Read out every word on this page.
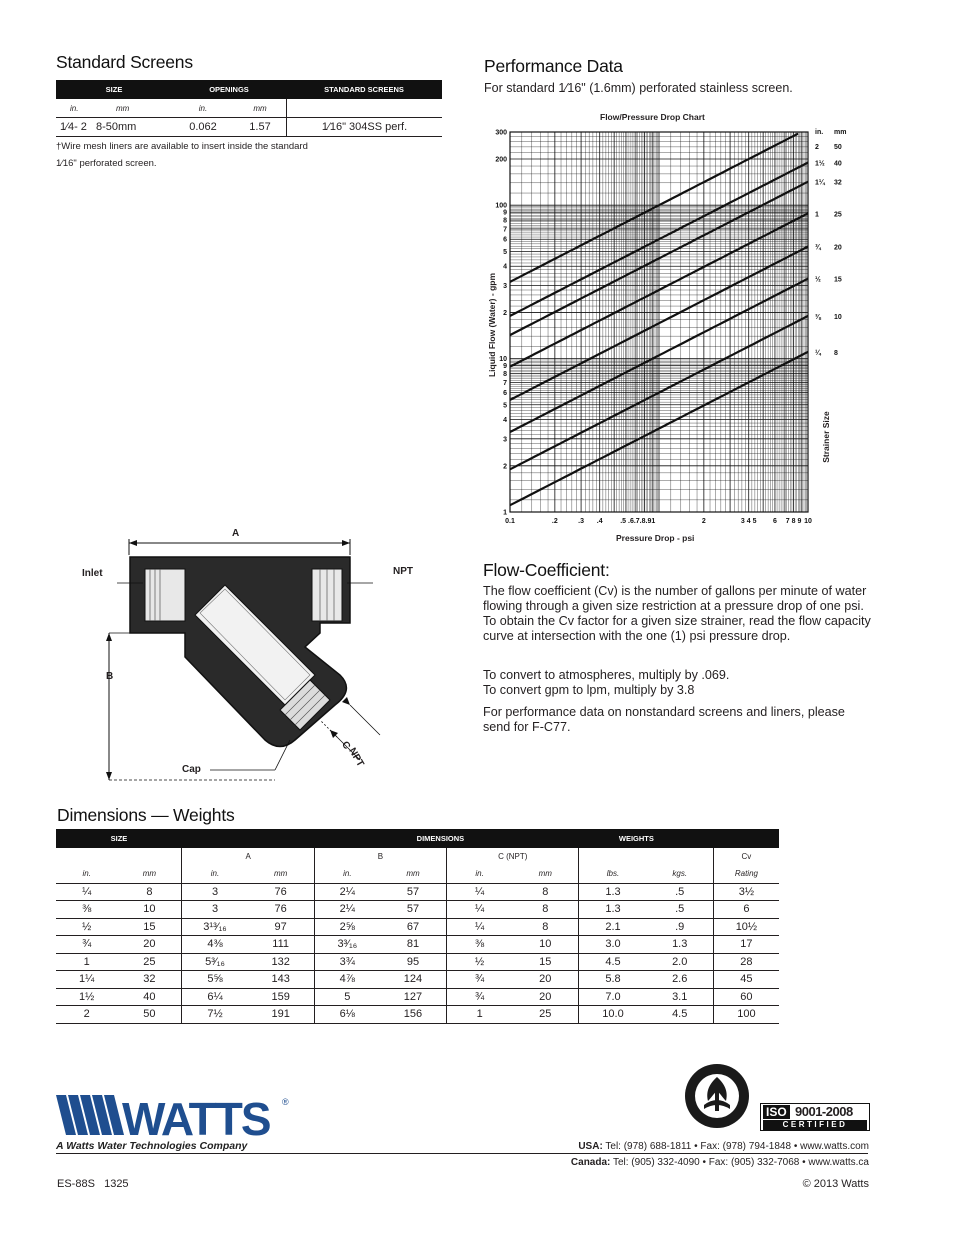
Standard Screens
SIZE	OPENINGS	STANDARD SCREENS
in.	mm	in.	mm
1⁄4- 2 8-50mm	0.062	1.57	1⁄16" 304SS perf.
†Wire mesh liners are available to insert inside the standard
1⁄16" perforated screen.
Performance Data
For standard 1⁄16" (1.6mm) perforated stainless screen.
Flow/Pressure Drop Chart
1
2
3
4
5
6
7
8
9
10
2
3
4
5
6
7
8
9
100
200
300
0.1	.2	.3 .4	.5 .6.7.8.91	2	3 4 5 6 7 8 9 10
in. mm
2 50
1½ 40
1¼ 32
1 25
¾ 20
½ 15
⅜ 10
¼ 8
Pressure Drop - psi
Liquid Flow (Water) - gpm
Strainer Size
Flow-Coefficient:
The flow coefficient (Cv) is the number of gallons per minute of water flowing through a given size restriction at a pressure drop of one psi. To obtain the Cv factor for a given size strainer, read the flow capacity curve at intersection with the one (1) psi pressure drop.
To convert to atmospheres, multiply by .069.
To convert gpm to lpm, multiply by 3.8
For performance data on nonstandard screens and liners, please send for F-C77.
A
Inlet	NPT
B
Cap
C
NPT
Dimensions — Weights
SIZE		DIMENSIONS						WEIGHTS		
		A		B		C (NPT)				Cv
in.	mm	in.	mm	in.	mm	in.	mm	lbs.	kgs.	Rating
¼	8	3	76	2¼	57	¼	8	1.3	.5	3½
⅜	10	3	76	2¼	57	¼	8	1.3	.5	6
½	15	3¹³⁄₁₆	97	2⅝	67	¼	8	2.1	.9	10½
¾	20	4⅜	111	3³⁄₁₆	81	⅜	10	3.0	1.3	17
1	25	5³⁄₁₆	132	3¾	95	½	15	4.5	2.0	28
1¼	32	5⅝	143	4⅞	124	¾	20	5.8	2.6	45
1½	40	6¼	159	5	127	¾	20	7.0	3.1	60
2	50	7½	191	6⅛	156	1	25	10.0	4.5	100
WATTS ®
A Watts Water Technologies Company
ISO 9001-2008
CERTIFIED
USA: Tel: (978) 688-1811 • Fax: (978) 794-1848 • www.watts.com
Canada: Tel: (905) 332-4090 • Fax: (905) 332-7068 • www.watts.ca
ES-88S   1325	© 2013 Watts
